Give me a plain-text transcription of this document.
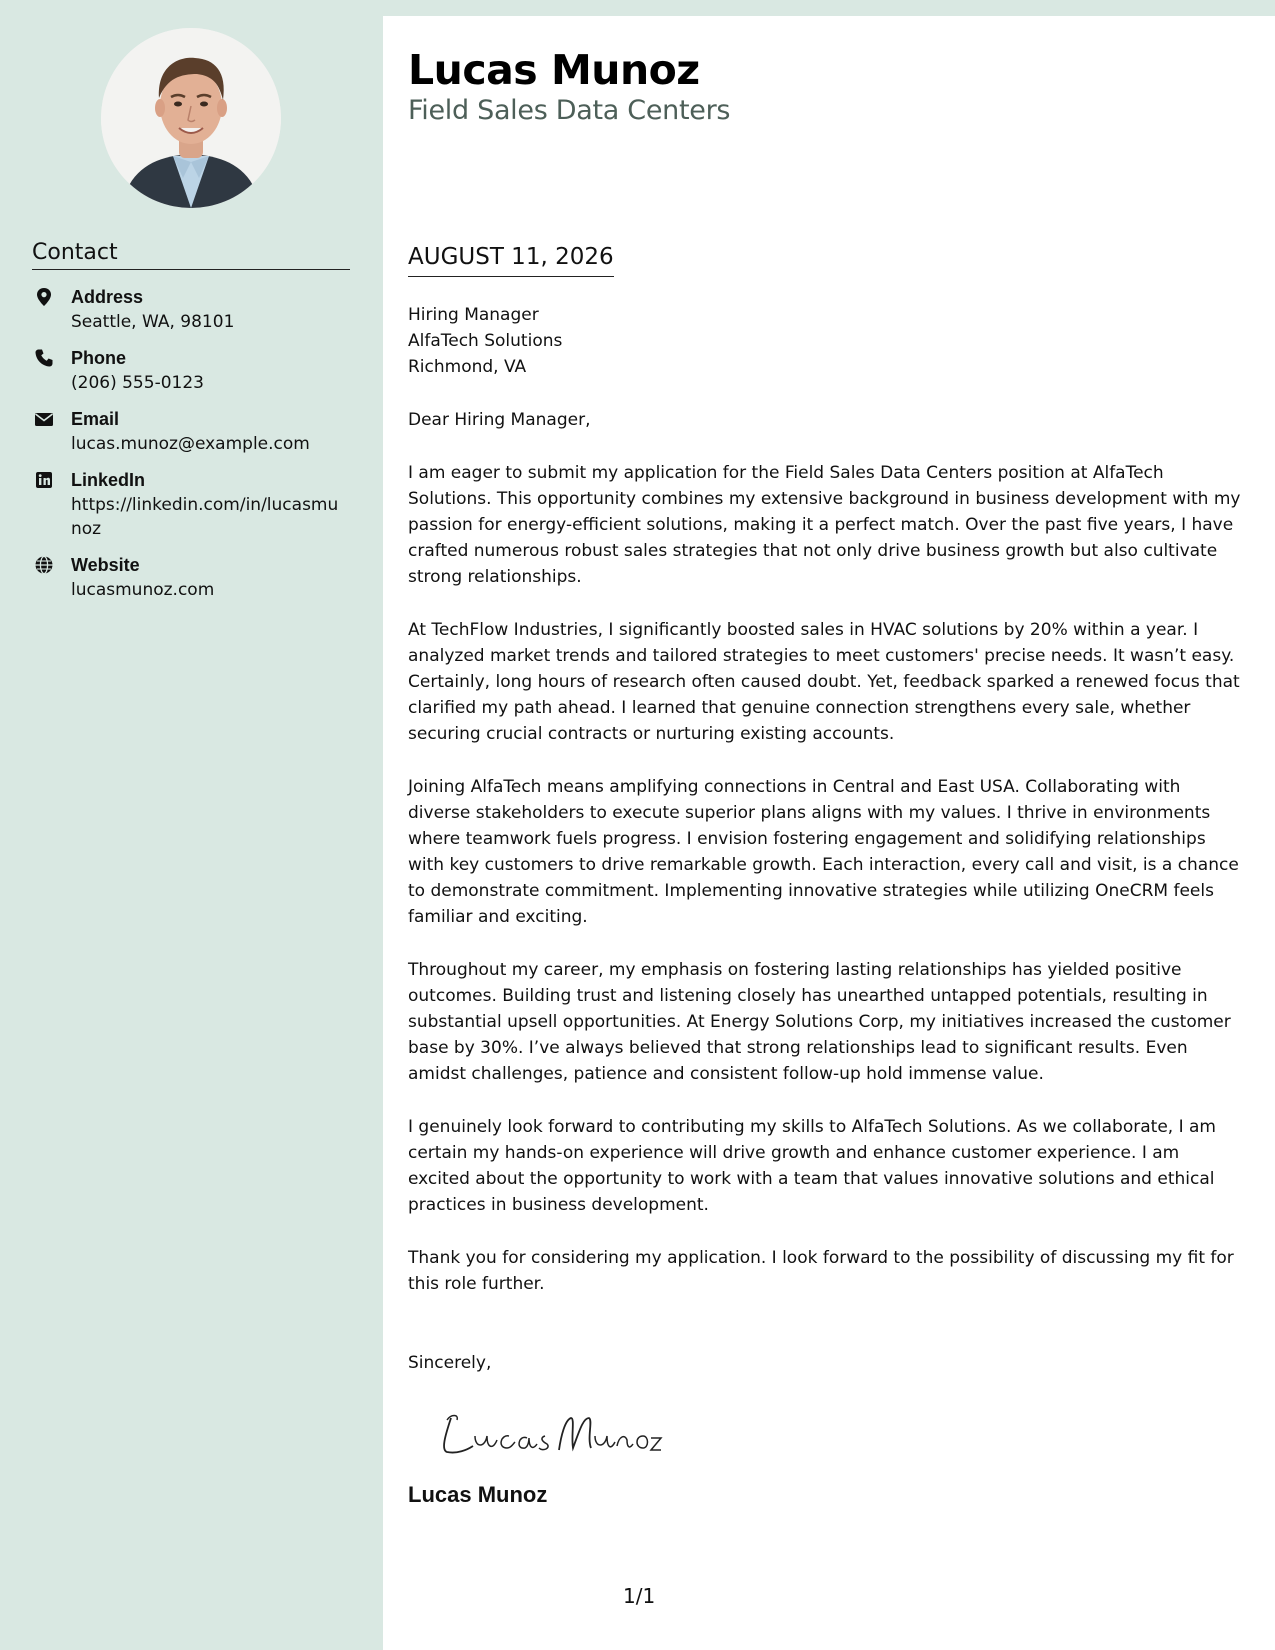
Contact
Address
Seattle, WA, 98101
Phone
(206) 555-0123
Email
lucas.munoz@example.com
LinkedIn
https://linkedin.com/in/lucasmunoz
Website
lucasmunoz.com
Lucas Munoz
Field Sales Data Centers
AUGUST 11, 2026
Hiring Manager
AlfaTech Solutions
Richmond, VA
Dear Hiring Manager,

I am eager to submit my application for the Field Sales Data Centers position at AlfaTech Solutions. This opportunity combines my extensive background in business development with my passion for energy-efficient solutions, making it a perfect match. Over the past five years, I have crafted numerous robust sales strategies that not only drive business growth but also cultivate strong relationships.

At TechFlow Industries, I significantly boosted sales in HVAC solutions by 20% within a year. I analyzed market trends and tailored strategies to meet customers' precise needs. It wasn’t easy. Certainly, long hours of research often caused doubt. Yet, feedback sparked a renewed focus that clarified my path ahead. I learned that genuine connection strengthens every sale, whether securing crucial contracts or nurturing existing accounts.

Joining AlfaTech means amplifying connections in Central and East USA. Collaborating with diverse stakeholders to execute superior plans aligns with my values. I thrive in environments where teamwork fuels progress. I envision fostering engagement and solidifying relationships with key customers to drive remarkable growth. Each interaction, every call and visit, is a chance to demonstrate commitment. Implementing innovative strategies while utilizing OneCRM feels familiar and exciting.

Throughout my career, my emphasis on fostering lasting relationships has yielded positive outcomes. Building trust and listening closely has unearthed untapped potentials, resulting in substantial upsell opportunities. At Energy Solutions Corp, my initiatives increased the customer base by 30%. I’ve always believed that strong relationships lead to significant results. Even amidst challenges, patience and consistent follow-up hold immense value.

I genuinely look forward to contributing my skills to AlfaTech Solutions. As we collaborate, I am certain my hands-on experience will drive growth and enhance customer experience. I am excited about the opportunity to work with a team that values innovative solutions and ethical practices in business development.

Thank you for considering my application. I look forward to the possibility of discussing my fit for this role further.

Sincerely,
Lucas Munoz
1/1
